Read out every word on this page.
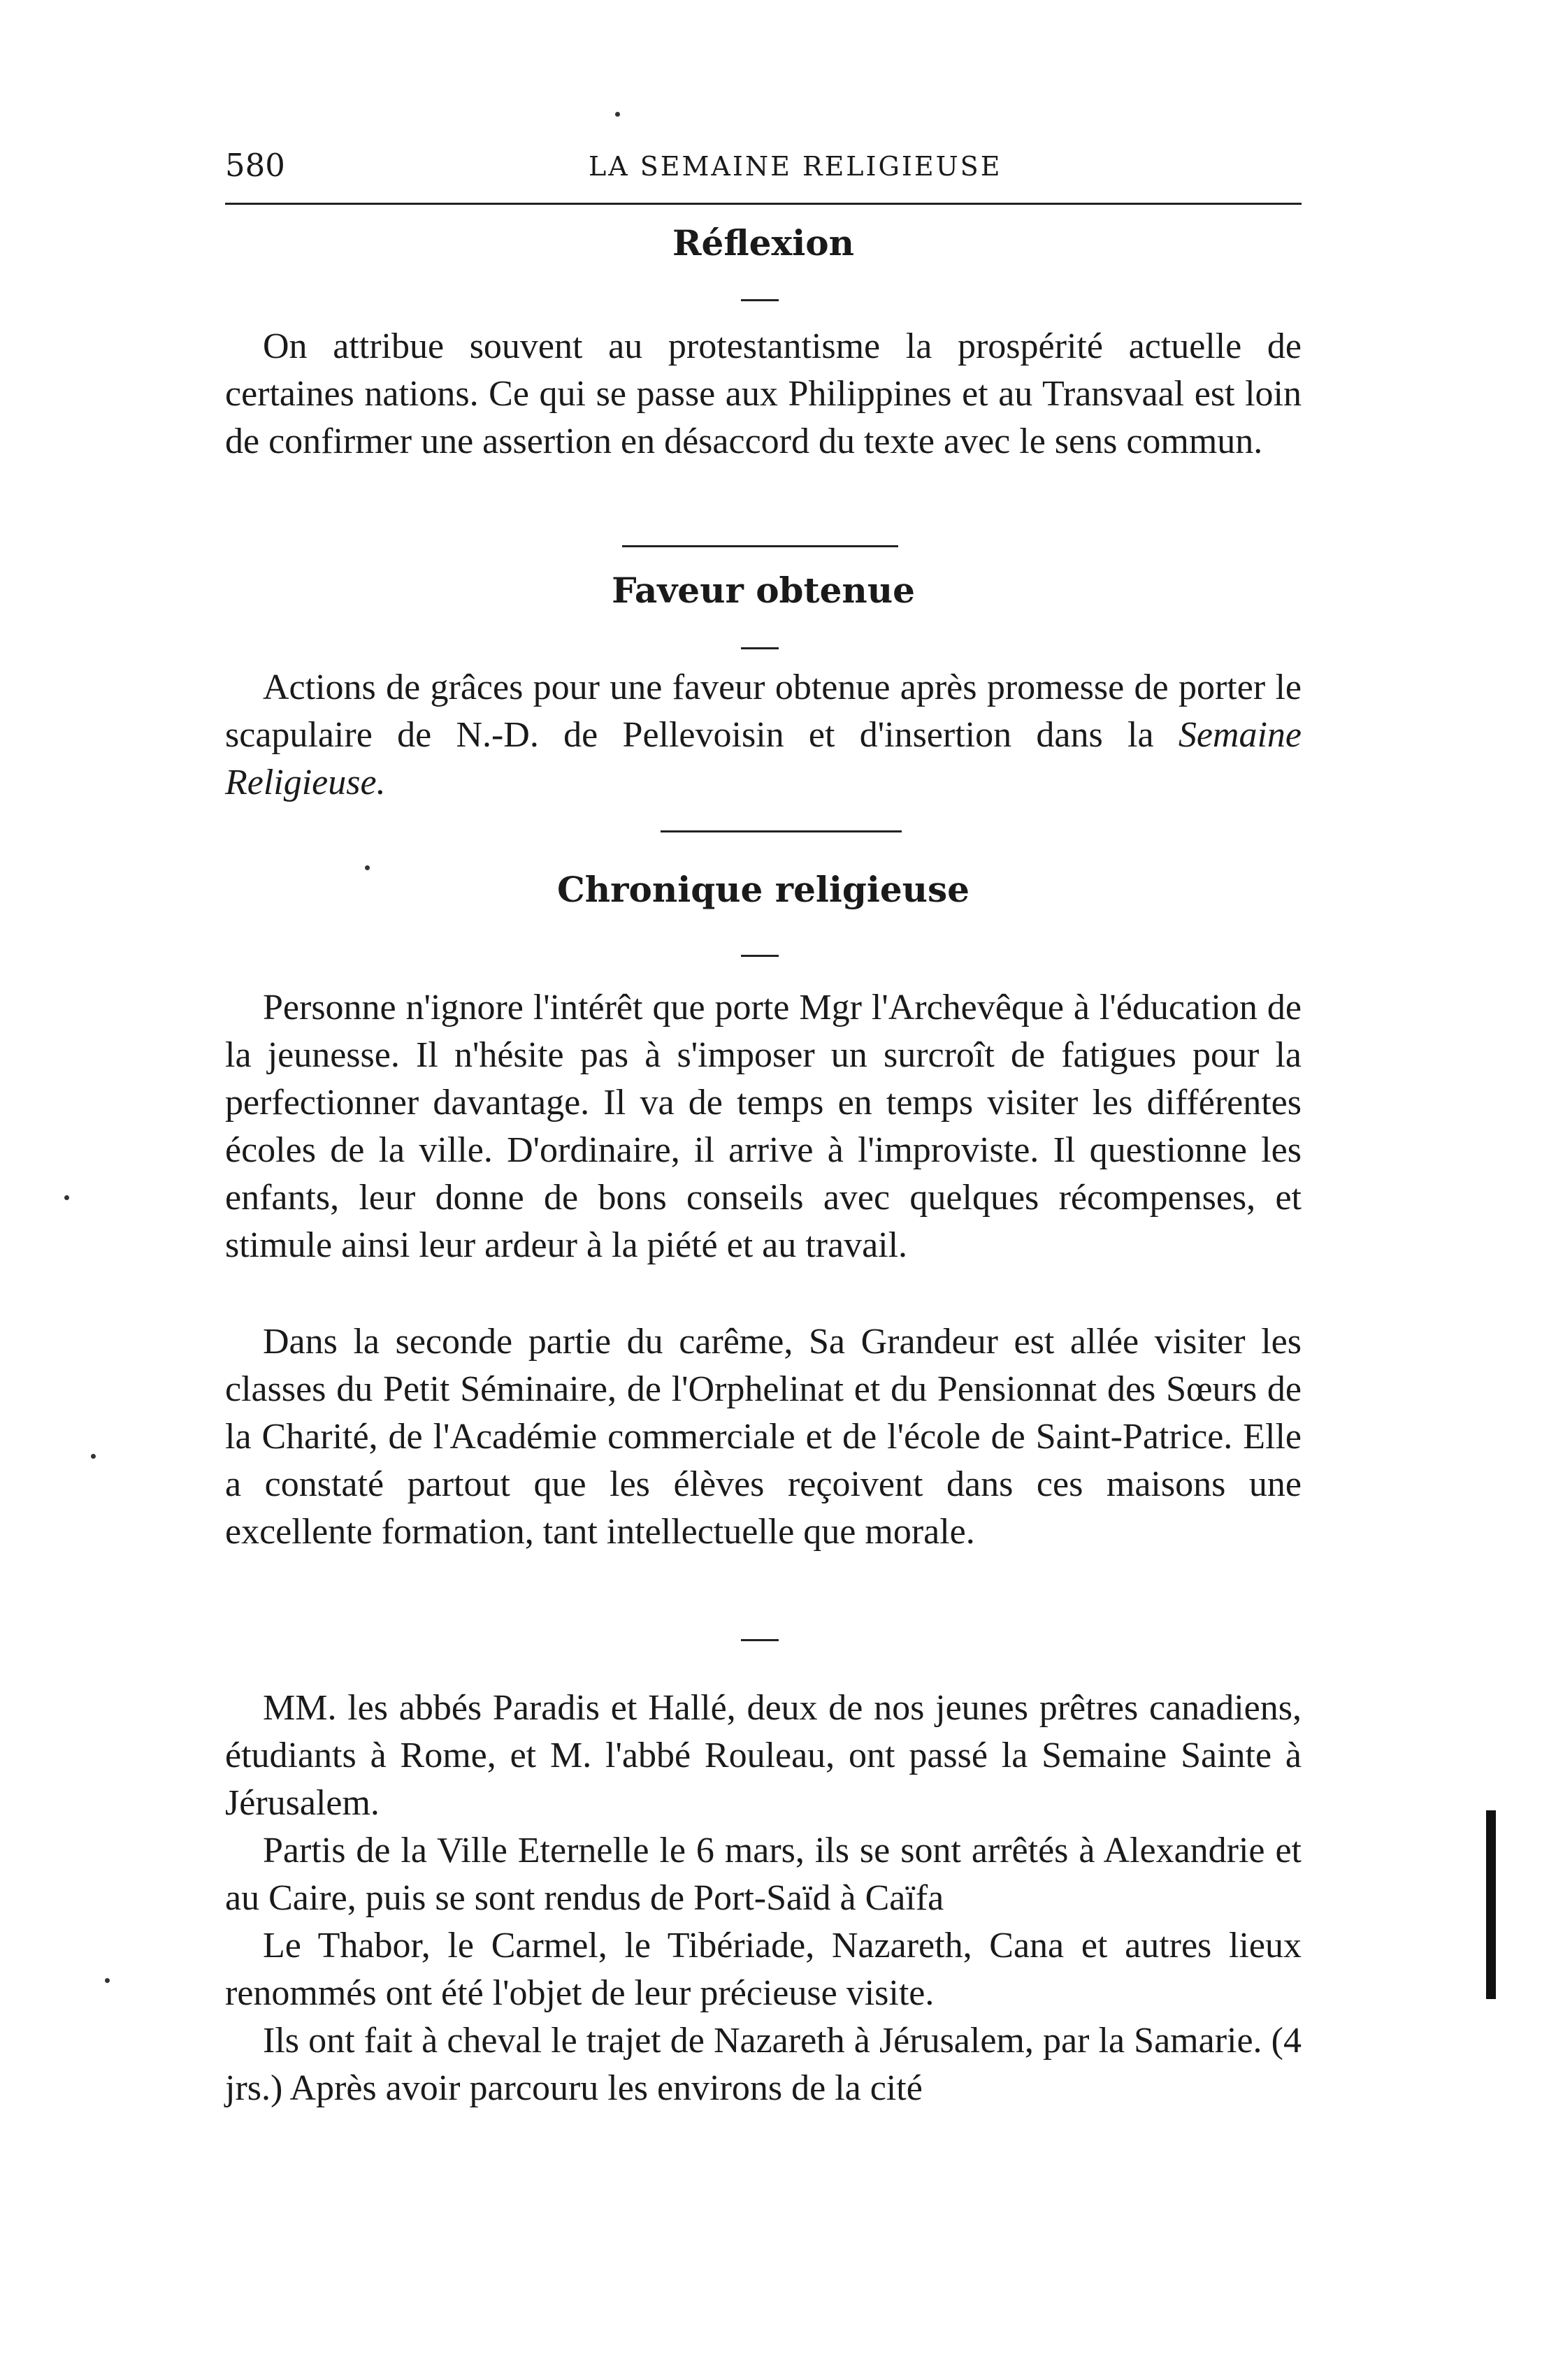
580	LA SEMAINE RELIGIEUSE
Réflexion

On attribue souvent au protestantisme la prospérité actuelle de certaines nations. Ce qui se passe aux Philippines et au Transvaal est loin de confirmer une assertion en désaccord du texte avec le sens commun.

Faveur obtenue

Actions de grâces pour une faveur obtenue après promesse de porter le scapulaire de N.-D. de Pellevoisin et d'insertion dans la Semaine Religieuse.

Chronique religieuse

Personne n'ignore l'intérêt que porte Mgr l'Archevêque à l'éducation de la jeunesse. Il n'hésite pas à s'imposer un surcroît de fatigues pour la perfectionner davantage. Il va de temps en temps visiter les différentes écoles de la ville. D'ordinaire, il arrive à l'improviste. Il questionne les enfants, leur donne de bons conseils avec quelques récompenses, et stimule ainsi leur ardeur à la piété et au travail.

Dans la seconde partie du carême, Sa Grandeur est allée visiter les classes du Petit Séminaire, de l'Orphelinat et du Pensionnat des Sœurs de la Charité, de l'Académie commerciale et de l'école de Saint-Patrice. Elle a constaté partout que les élèves reçoivent dans ces maisons une excellente formation, tant intellectuelle que morale.

MM. les abbés Paradis et Hallé, deux de nos jeunes prêtres canadiens, étudiants à Rome, et M. l'abbé Rouleau, ont passé la Semaine Sainte à Jérusalem.

Partis de la Ville Eternelle le 6 mars, ils se sont arrêtés à Alexandrie et au Caire, puis se sont rendus de Port-Saïd à Caïfa

Le Thabor, le Carmel, le Tibériade, Nazareth, Cana et autres lieux renommés ont été l'objet de leur précieuse visite.

Ils ont fait à cheval le trajet de Nazareth à Jérusalem, par la Samarie. (4 jrs.) Après avoir parcouru les environs de la cité
